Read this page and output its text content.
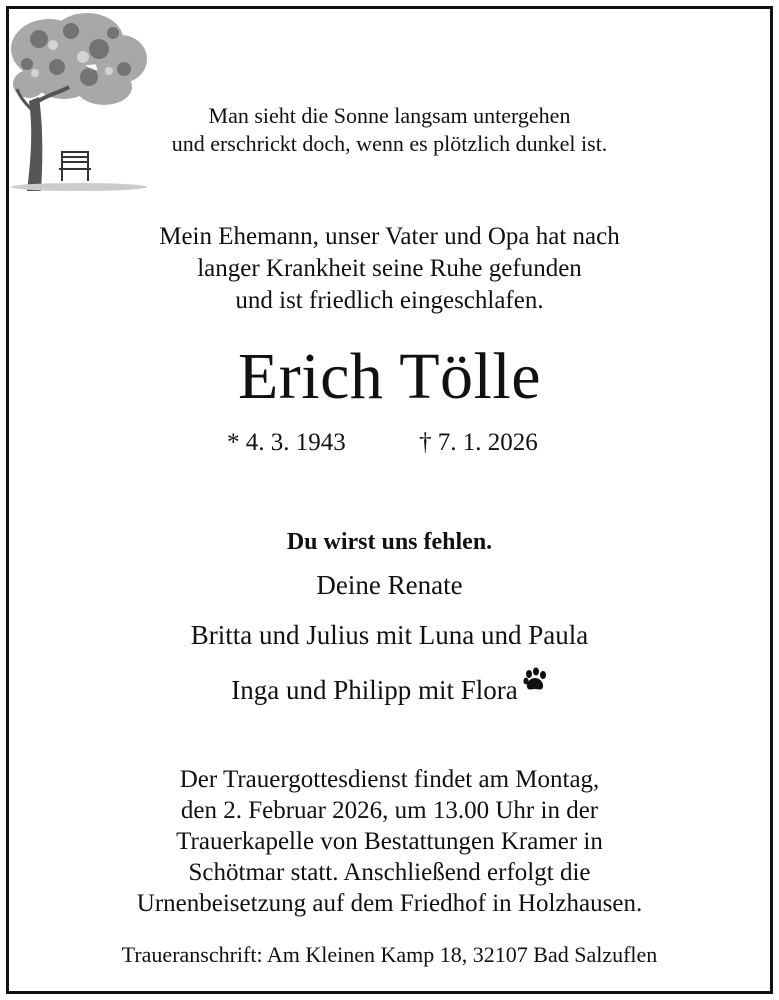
Man sieht die Sonne langsam untergehen
und erschrickt doch, wenn es plötzlich dunkel ist.
Mein Ehemann, unser Vater und Opa hat nach
langer Krankheit seine Ruhe gefunden
und ist friedlich eingeschlafen.
Erich Tölle
* 4. 3. 1943	† 7. 1. 2026
Du wirst uns fehlen.
Deine Renate
Britta und Julius mit Luna und Paula
Inga und Philipp mit Flora
Der Trauergottesdienst findet am Montag,
den 2. Februar 2026, um 13.00 Uhr in der
Trauerkapelle von Bestattungen Kramer in
Schötmar statt. Anschließend erfolgt die
Urnenbeisetzung auf dem Friedhof in Holzhausen.
Traueranschrift: Am Kleinen Kamp 18, 32107 Bad Salzuflen
